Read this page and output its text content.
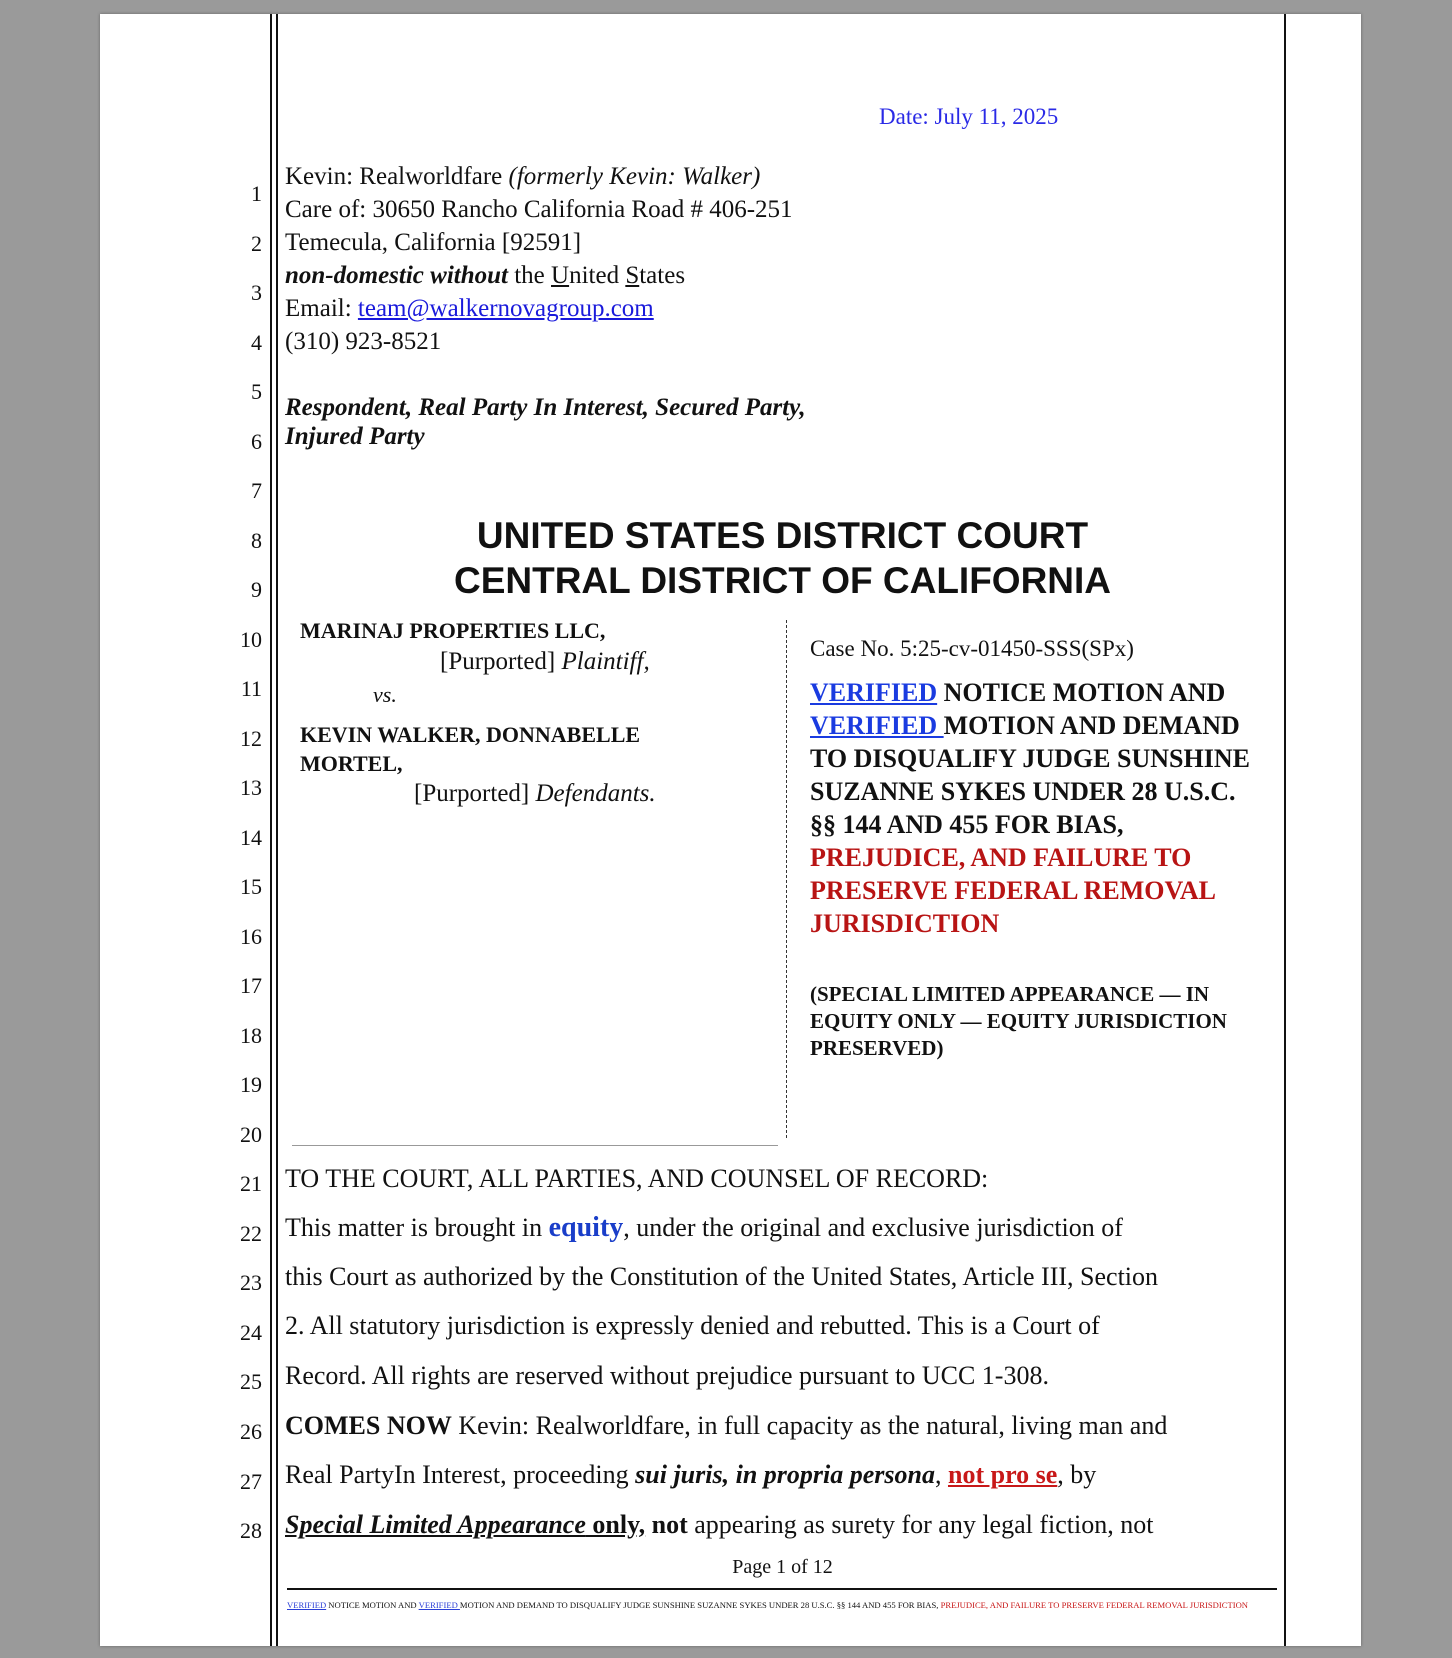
1
2
3
4
5
6
7
8
9
10
11
12
13
14
15
16
17
18
19
20
21
22
23
24
25
26
27
28
Date: July 11, 2025
Kevin: Realworldfare (formerly Kevin: Walker)
Care of: 30650 Rancho California Road # 406-251
Temecula, California [92591]
non-domestic without the United States
Email: team@walkernovagroup.com
(310) 923-8521
Respondent, Real Party In Interest, Secured Party,
Injured Party
UNITED STATES DISTRICT COURT
CENTRAL DISTRICT OF CALIFORNIA
MARINAJ PROPERTIES LLC,
[Purported] Plaintiff,
vs.
KEVIN WALKER, DONNABELLE
MORTEL,
[Purported] Defendants.
Case No. 5:25-cv-01450-SSS(SPx)
VERIFIED NOTICE MOTION AND
VERIFIED MOTION AND DEMAND
TO DISQUALIFY JUDGE SUNSHINE
SUZANNE SYKES UNDER 28 U.S.C.
§§ 144 AND 455 FOR BIAS,
PREJUDICE, AND FAILURE TO
PRESERVE FEDERAL REMOVAL
JURISDICTION
(SPECIAL LIMITED APPEARANCE — IN
EQUITY ONLY — EQUITY JURISDICTION
PRESERVED)
TO THE COURT, ALL PARTIES, AND COUNSEL OF RECORD:
This matter is brought in equity, under the original and exclusive jurisdiction of
this Court as authorized by the Constitution of the United States, Article III, Section
2. All statutory jurisdiction is expressly denied and rebutted. This is a Court of
Record. All rights are reserved without prejudice pursuant to UCC 1-308.
COMES NOW Kevin: Realworldfare, in full capacity as the natural, living man and
Real PartyIn Interest, proceeding sui juris, in propria persona, not pro se, by
Special Limited Appearance only, not appearing as surety for any legal fiction, not
Page 1 of 12
VERIFIED NOTICE MOTION AND VERIFIED MOTION AND DEMAND TO DISQUALIFY JUDGE SUNSHINE SUZANNE SYKES UNDER 28 U.S.C. §§ 144 AND 455 FOR BIAS, PREJUDICE, AND FAILURE TO PRESERVE FEDERAL REMOVAL JURISDICTION
